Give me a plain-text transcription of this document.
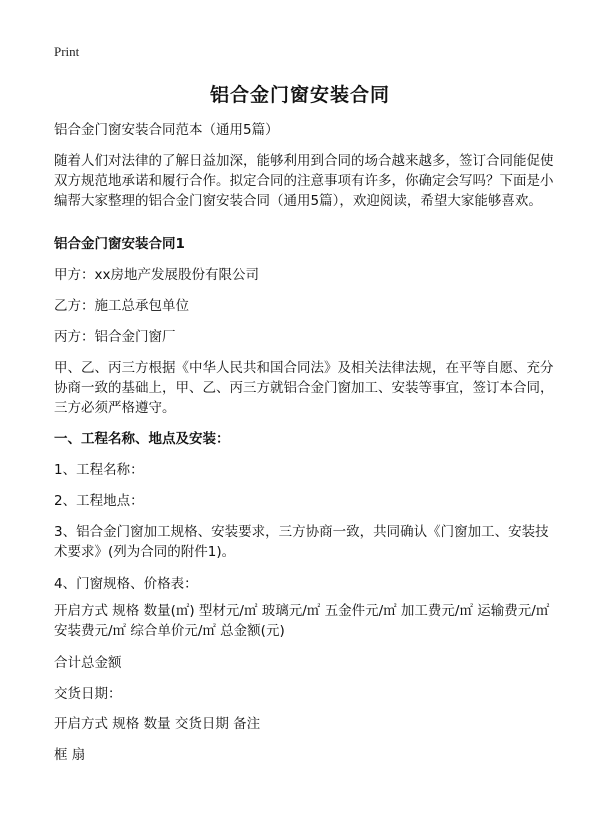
Print
铝合金门窗安装合同

铝合金门窗安装合同范本（通用5篇）

随着人们对法律的了解日益加深，能够利用到合同的场合越来越多，签订合同能促使双方规范地承诺和履行合作。拟定合同的注意事项有许多，你确定会写吗？下面是小编帮大家整理的铝合金门窗安装合同（通用5篇），欢迎阅读，希望大家能够喜欢。

铝合金门窗安装合同1

甲方：xx房地产发展股份有限公司

乙方：施工总承包单位

丙方：铝合金门窗厂

甲、乙、丙三方根据《中华人民共和国合同法》及相关法律法规，在平等自愿、充分协商一致的基础上，甲、乙、丙三方就铝合金门窗加工、安装等事宜，签订本合同，三方必须严格遵守。

一、工程名称、地点及安装：

1、工程名称：

2、工程地点：

3、铝合金门窗加工规格、安装要求，三方协商一致，共同确认《门窗加工、安装技术要求》(列为合同的附件1)。

4、门窗规格、价格表：

开启方式 规格 数量(㎡) 型材元/㎡ 玻璃元/㎡ 五金件元/㎡ 加工费元/㎡ 运输费元/㎡ 安装费元/㎡ 综合单价元/㎡ 总金额(元)

合计总金额

交货日期：

开启方式 规格 数量 交货日期 备注

框 扇
